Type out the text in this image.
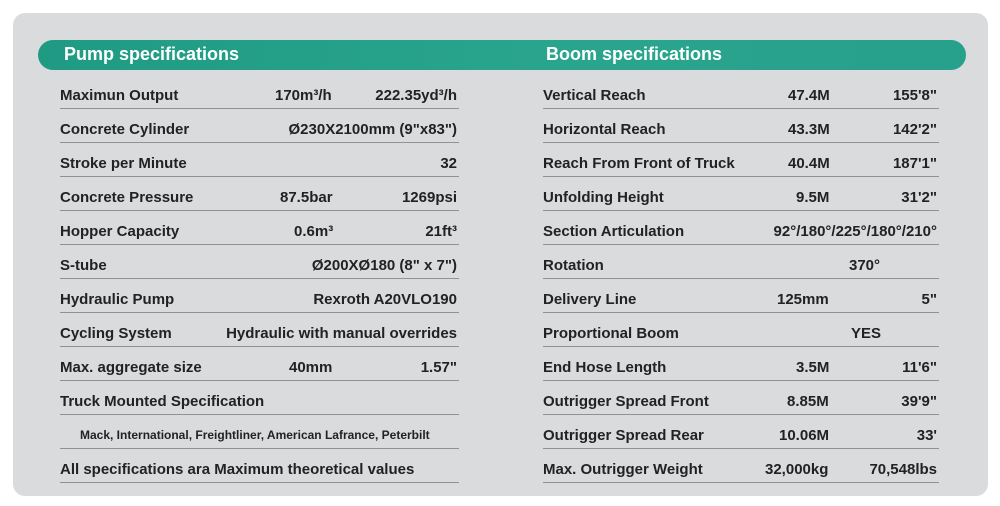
Pump specifications	Boom specifications
Maximun Output	170m³/h	222.35yd³/h
Concrete Cylinder	Ø230X2100mm (9"x83")
Stroke per Minute	32
Concrete Pressure	87.5bar	1269psi
Hopper Capacity	0.6m³	21ft³
S-tube	Ø200XØ180 (8" x 7")
Hydraulic Pump	Rexroth A20VLO190
Cycling System	Hydraulic with manual overrides
Max. aggregate size	40mm	1.57"
Truck Mounted Specification
Mack, International, Freightliner, American Lafrance, Peterbilt
All specifications ara Maximum theoretical values
Vertical Reach	47.4M	155'8"
Horizontal Reach	43.3M	142'2"
Reach From Front of Truck	40.4M	187'1"
Unfolding Height	9.5M	31'2"
Section Articulation	92°/180°/225°/180°/210°
Rotation	370°
Delivery Line	125mm	5"
Proportional Boom	YES
End Hose Length	3.5M	11'6"
Outrigger Spread Front	8.85M	39'9"
Outrigger Spread Rear	10.06M	33'
Max. Outrigger Weight	32,000kg	70,548lbs
